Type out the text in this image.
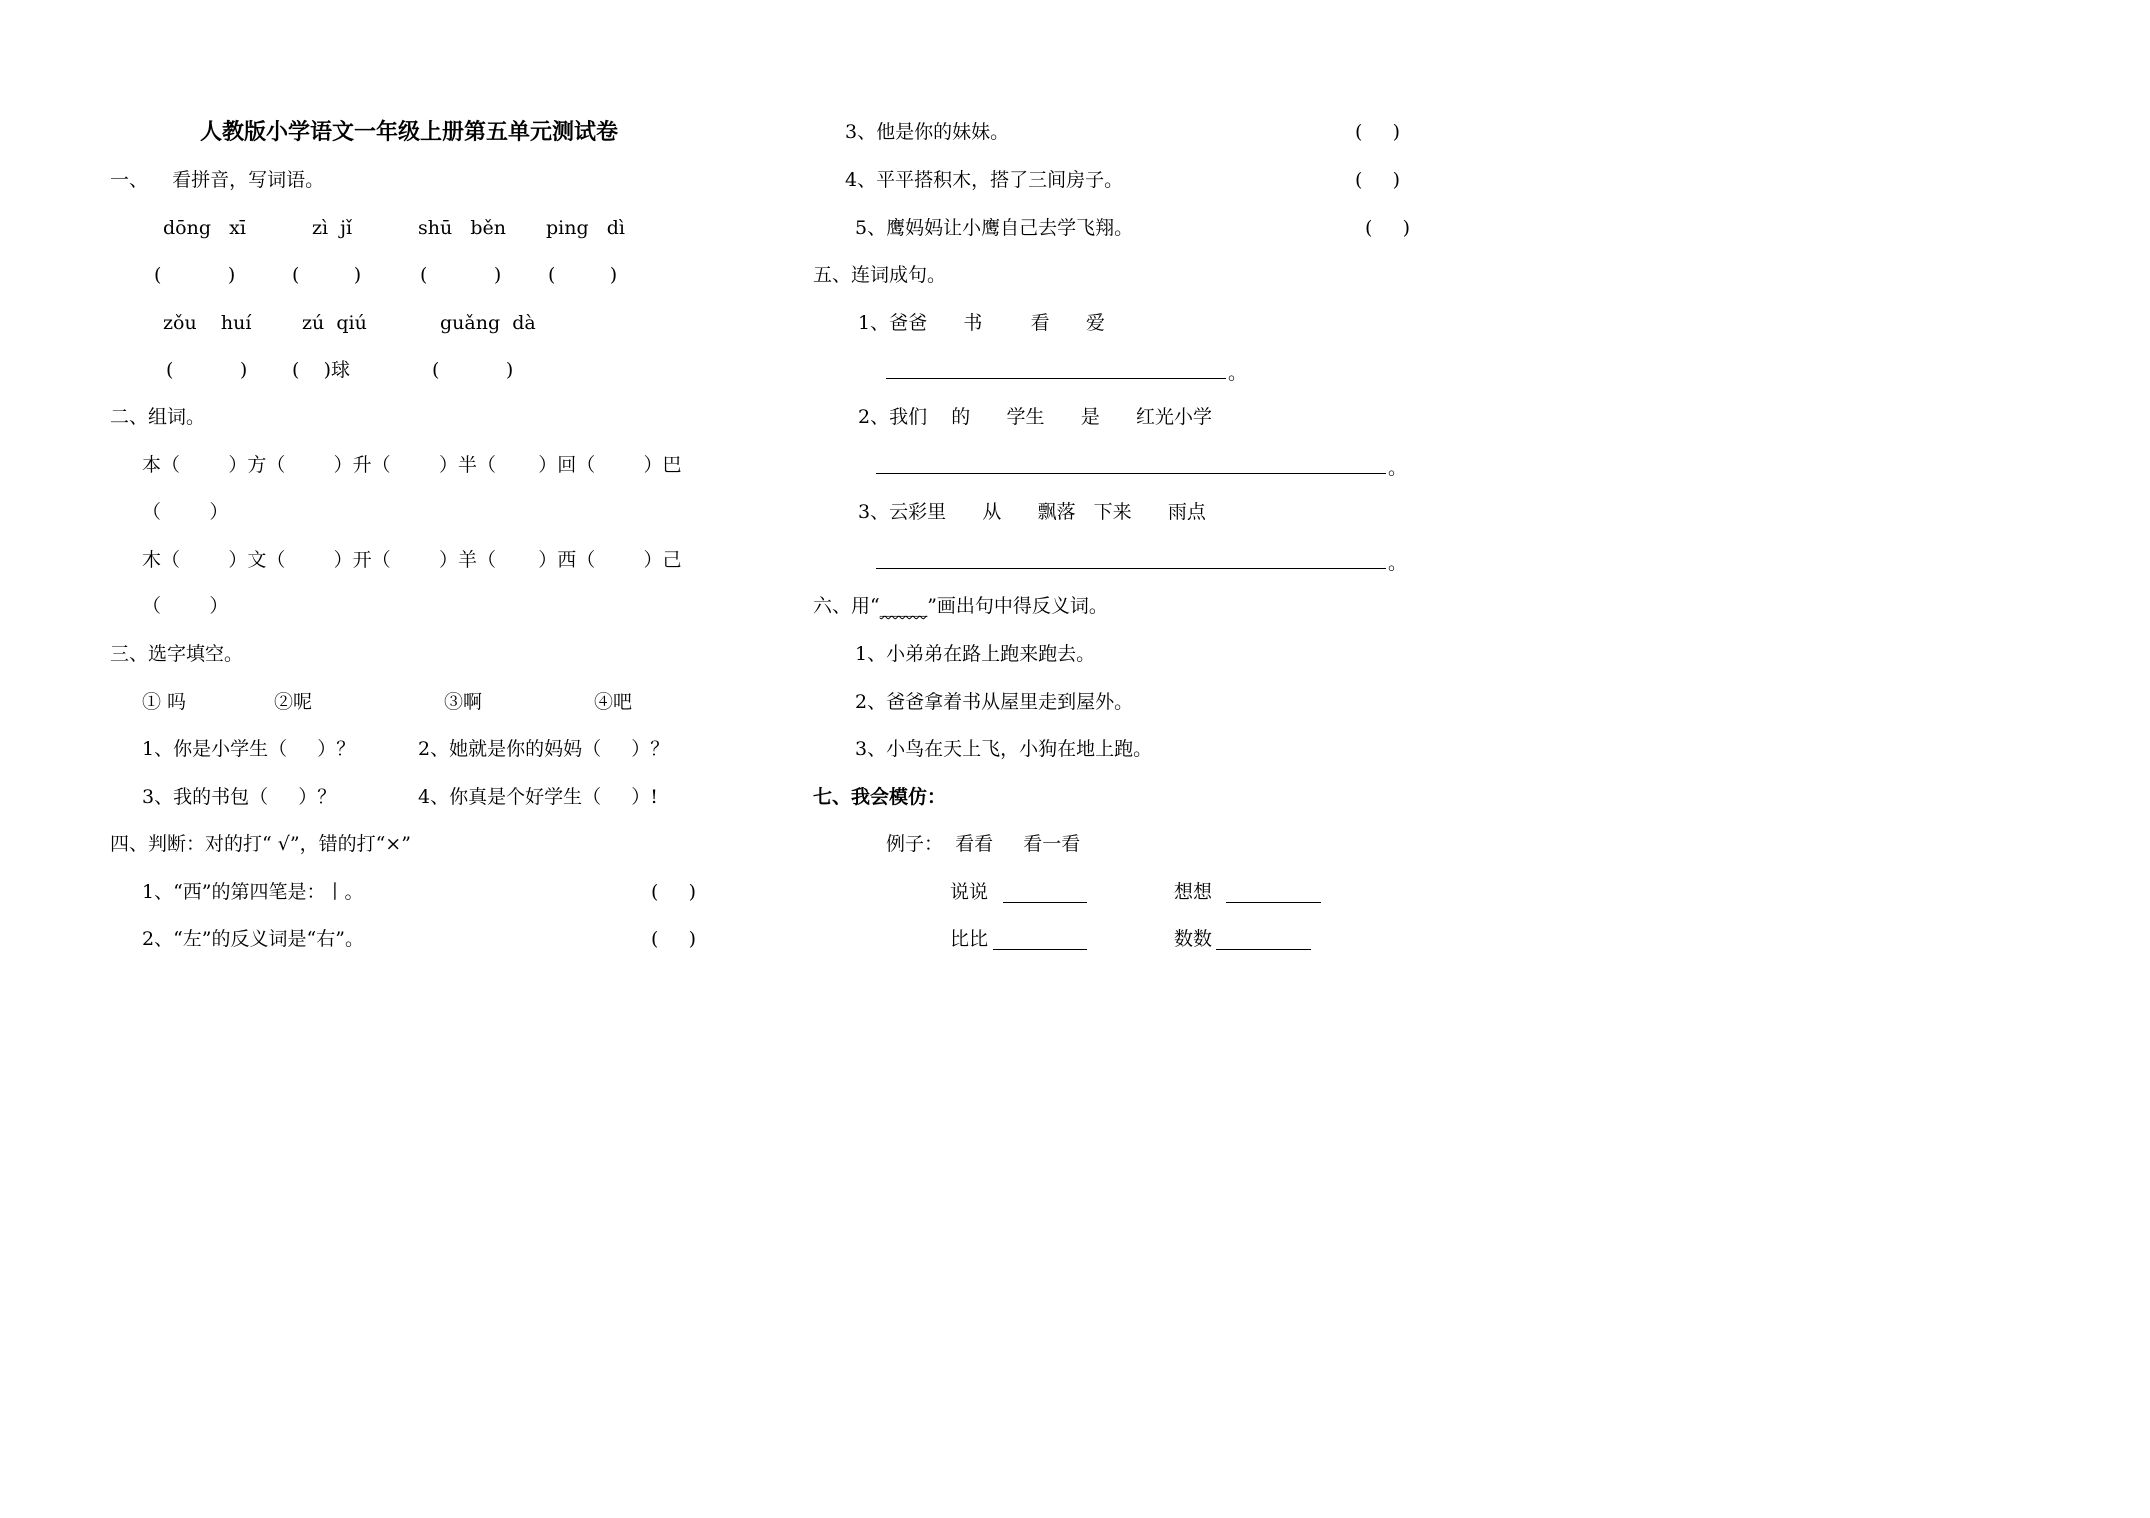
人教版小学语文一年级上册第五单元测试卷
一、    看拼音，写词语。
dōng   xī	zì  jǐ	shū   běn ping   dì
(           )	(         )	(           ) (         )
zǒu    huí	zú  qiú	guǎng  dà
(           ) (    )球	(           )
二、组词。
本（        ）方（        ）升（        ）半（       ）回（        ）巴
（        ）
木（        ）文（        ）开（        ）羊（       ）西（        ）己
（        ）
三、选字填空。
① 吗	②呢	③啊	④吧
1、你是小学生（     ）？	2、她就是你的妈妈（     ）？
3、我的书包（     ）？	4、你真是个好学生（     ）!
四、判断：对的打“ √”，错的打“×”
1、“西”的第四笔是：丨。	(     )
2、“左”的反义词是“右”。	(     )
3、他是你的妹妹。	(     )
4、平平搭积木，搭了三间房子。	(     )
5、鹰妈妈让小鹰自己去学飞翔。	(     )
五、连词成句。
1、爸爸      书        看      爱
。
2、我们    的      学生      是      红光小学
。
3、云彩里      从      飘落   下来      雨点
。
六、用“_____”画出句中得反义词。
1、小弟弟在路上跑来跑去。
2、爸爸拿着书从屋里走到屋外。
3、小鸟在天上飞，小狗在地上跑。
七、我会模仿：
例子：  看看     看一看
说说	想想
比比	数数
